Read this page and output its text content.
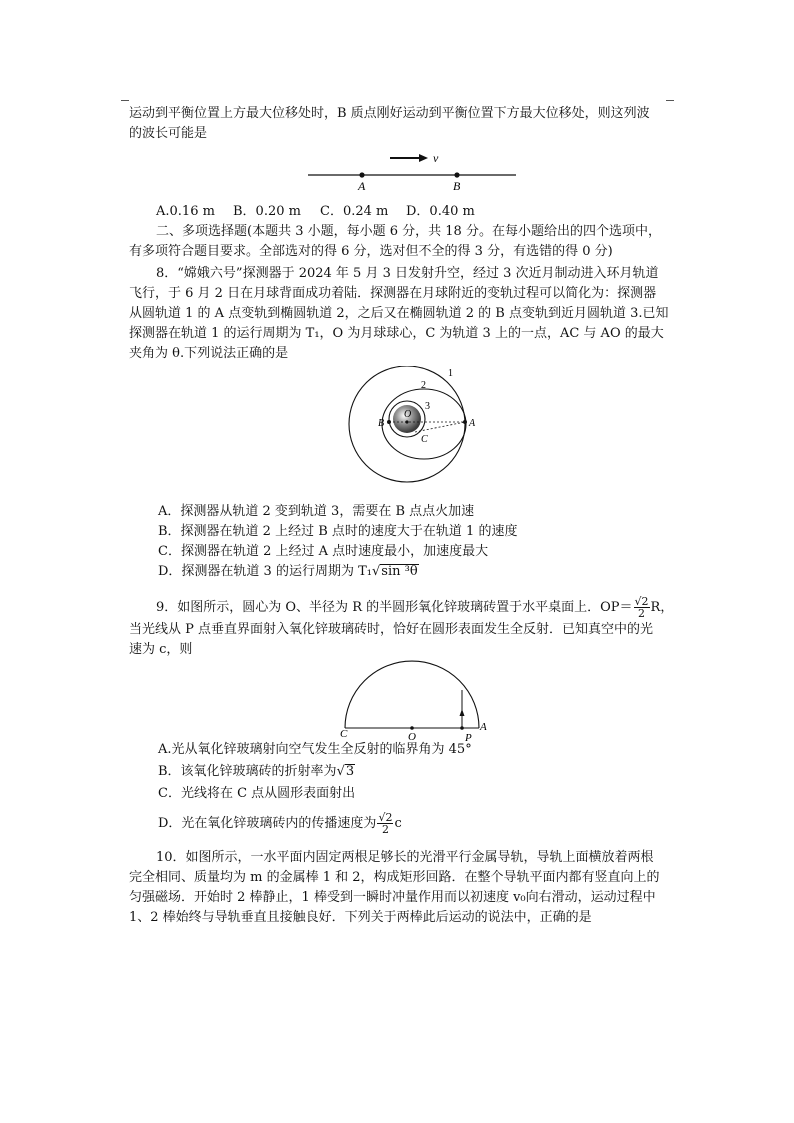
运动到平衡位置上方最大位移处时，B 质点刚好运动到平衡位置下方最大位移处，则这列波
的波长可能是
v
A	B
A.0.16 m B．0.20 m C．0.24 m D．0.40 m
二、多项选择题(本题共 3 小题，每小题 6 分，共 18 分。在每小题给出的四个选项中，
有多项符合题目要求。全部选对的得 6 分，选对但不全的得 3 分，有选错的得 0 分)
8．“嫦娥六号”探测器于 2024 年 5 月 3 日发射升空，经过 3 次近月制动进入环月轨道
飞行，于 6 月 2 日在月球背面成功着陆．探测器在月球附近的变轨过程可以简化为：探测器
从圆轨道 1 的 A 点变轨到椭圆轨道 2，之后又在椭圆轨道 2 的 B 点变轨到近月圆轨道 3.已知
探测器在轨道 1 的运行周期为 T₁，O 为月球球心，C 为轨道 3 上的一点，AC 与 AO 的最大
夹角为 θ.下列说法正确的是
1
2
3
O
A
B
C
A．探测器从轨道 2 变到轨道 3，需要在 B 点点火加速
B．探测器在轨道 2 上经过 B 点时的速度大于在轨道 1 的速度
C．探测器在轨道 2 上经过 A 点时速度最小，加速度最大
D．探测器在轨道 3 的运行周期为 T₁√sin ³θ
9．如图所示，圆心为 O、半径为 R 的半圆形氧化锌玻璃砖置于水平桌面上．$OP= \frac{√2}{2}$ R，
当光线从 P 点垂直界面射入氧化锌玻璃砖时，恰好在圆形表面发生全反射．已知真空中的光
速为 c，则
C	O	P
A
A.光从氧化锌玻璃射向空气发生全反射的临界角为 45°
B．该氧化锌玻璃砖的折射率为√3
C．光线将在 C 点从圆形表面射出
D．光在氧化锌玻璃砖内的传播速度为 $\frac{√2}{2}$ c
10．如图所示，一水平面内固定两根足够长的光滑平行金属导轨，导轨上面横放着两根
完全相同、质量均为 m 的金属棒 1 和 2，构成矩形回路．在整个导轨平面内都有竖直向上的
匀强磁场．开始时 2 棒静止，1 棒受到一瞬时冲量作用而以初速度 v₀向右滑动，运动过程中
1、2 棒始终与导轨垂直且接触良好．下列关于两棒此后运动的说法中，正确的是
